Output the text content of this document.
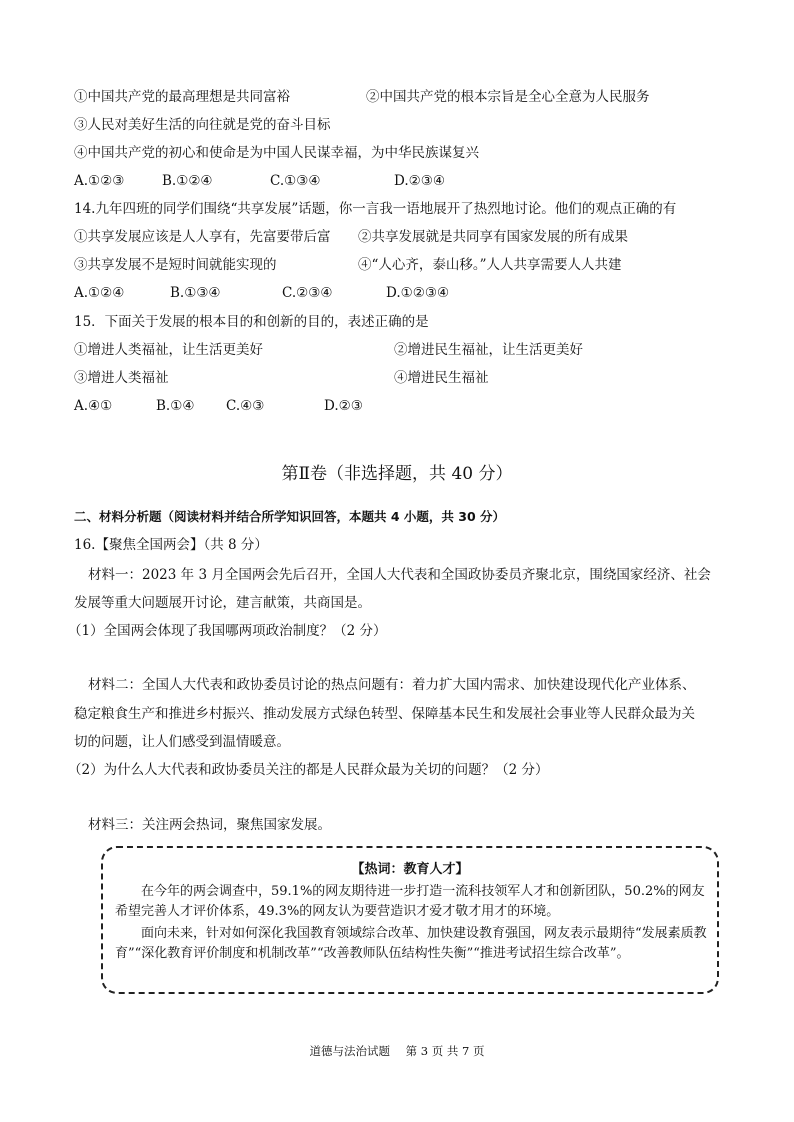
①中国共产党的最高理想是共同富裕	②中国共产党的根本宗旨是全心全意为人民服务
③人民对美好生活的向往就是党的奋斗目标
④中国共产党的初心和使命是为中国人民谋幸福，为中华民族谋复兴
A.①②③	B.①②④	C.①③④	D.②③④
14.九年四班的同学们围绕“共享发展”话题，你一言我一语地展开了热烈地讨论。他们的观点正确的有
①共享发展应该是人人享有，先富要带后富 ②共享发展就是共同享有国家发展的所有成果
③共享发展不是短时间就能实现的	④“人心齐，泰山移。”人人共享需要人人共建
A.①②④	B.①③④	C.②③④	D.①②③④
15．下面关于发展的根本目的和创新的目的，表述正确的是
①增进人类福祉，让生活更美好	②增进民生福祉，让生活更美好
③增进人类福祉	④增进民生福祉
A.④①	B.①④ C.④③	D.②③
第Ⅱ卷（非选择题，共 40 分）
二、材料分析题（阅读材料并结合所学知识回答，本题共 4 小题，共 30 分）
16.【聚焦全国两会】（共 8 分）
材料一：2023 年 3 月全国两会先后召开，全国人大代表和全国政协委员齐聚北京，围绕国家经济、社会
发展等重大问题展开讨论，建言献策，共商国是。
（1）全国两会体现了我国哪两项政治制度？（2 分）
材料二：全国人大代表和政协委员讨论的热点问题有：着力扩大国内需求、加快建设现代化产业体系、
稳定粮食生产和推进乡村振兴、推动发展方式绿色转型、保障基本民生和发展社会事业等人民群众最为关
切的问题，让人们感受到温情暖意。
（2）为什么人大代表和政协委员关注的都是人民群众最为关切的问题？（2 分）
材料三：关注两会热词，聚焦国家发展。
【热词：教育人才】
在今年的两会调查中，59.1%的网友期待进一步打造一流科技领军人才和创新团队，50.2%的网友希望完善人才评价体系，49.3%的网友认为要营造识才爱才敬才用才的环境。
面向未来，针对如何深化我国教育领域综合改革、加快建设教育强国，网友表示最期待“发展素质教育”“深化教育评价制度和机制改革”“改善教师队伍结构性失衡”“推进考试招生综合改革”。
道德与法治试题 第 3 页 共 7 页
